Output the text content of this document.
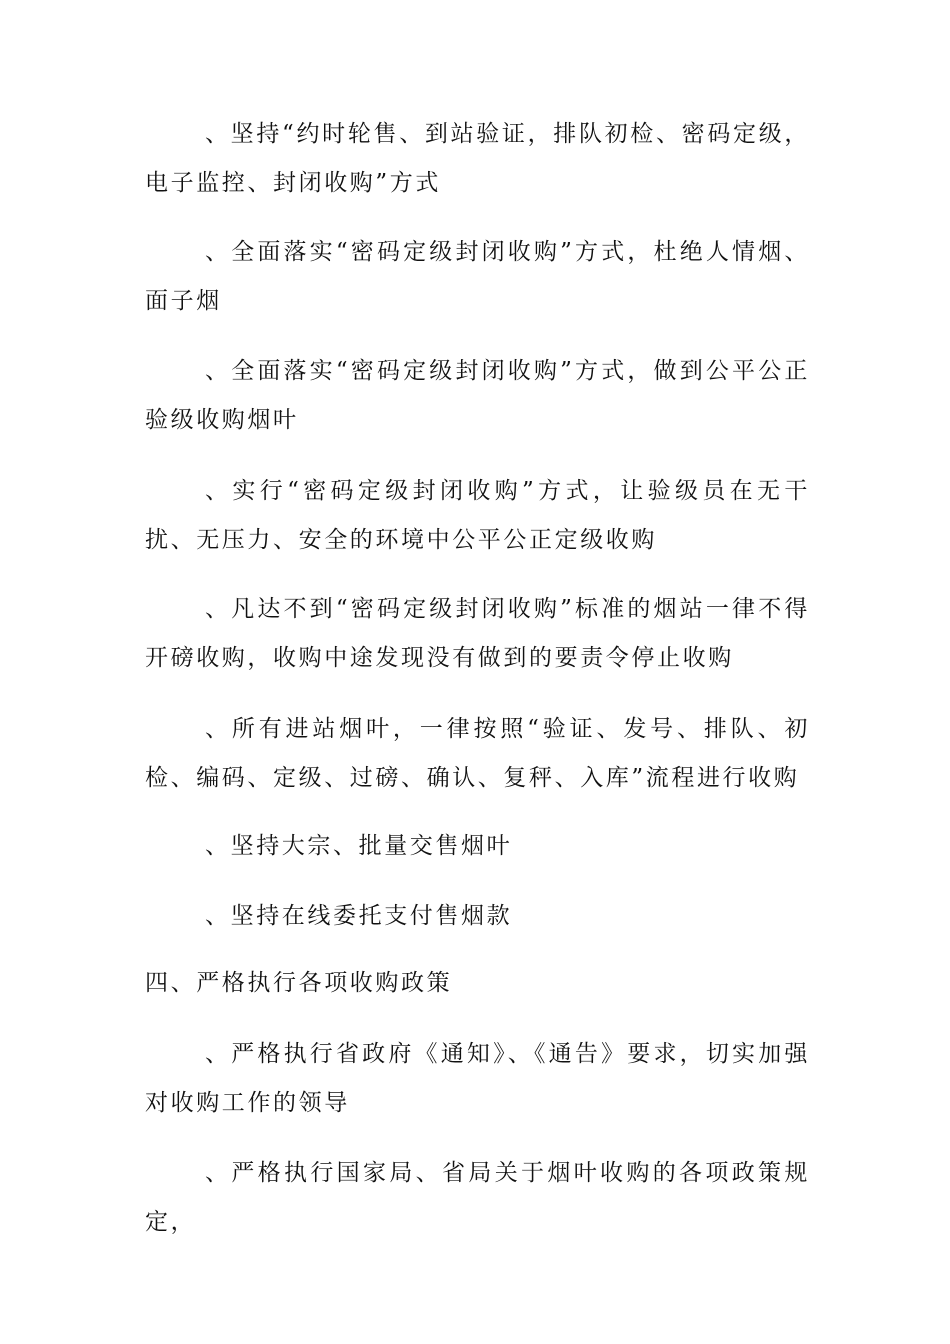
、坚持“约时轮售、到站验证，排队初检、密码定级，电子监控、封闭收购”方式

、全面落实“密码定级封闭收购”方式，杜绝人情烟、面子烟

、全面落实“密码定级封闭收购”方式，做到公平公正验级收购烟叶

、实行“密码定级封闭收购”方式，让验级员在无干扰、无压力、安全的环境中公平公正定级收购

、凡达不到“密码定级封闭收购”标准的烟站一律不得开磅收购，收购中途发现没有做到的要责令停止收购

、所有进站烟叶，一律按照“验证、发号、排队、初检、编码、定级、过磅、确认、复秤、入库”流程进行收购

、坚持大宗、批量交售烟叶

、坚持在线委托支付售烟款

四、严格执行各项收购政策

、严格执行省政府《通知》、《通告》要求，切实加强对收购工作的领导

、严格执行国家局、省局关于烟叶收购的各项政策规定，
